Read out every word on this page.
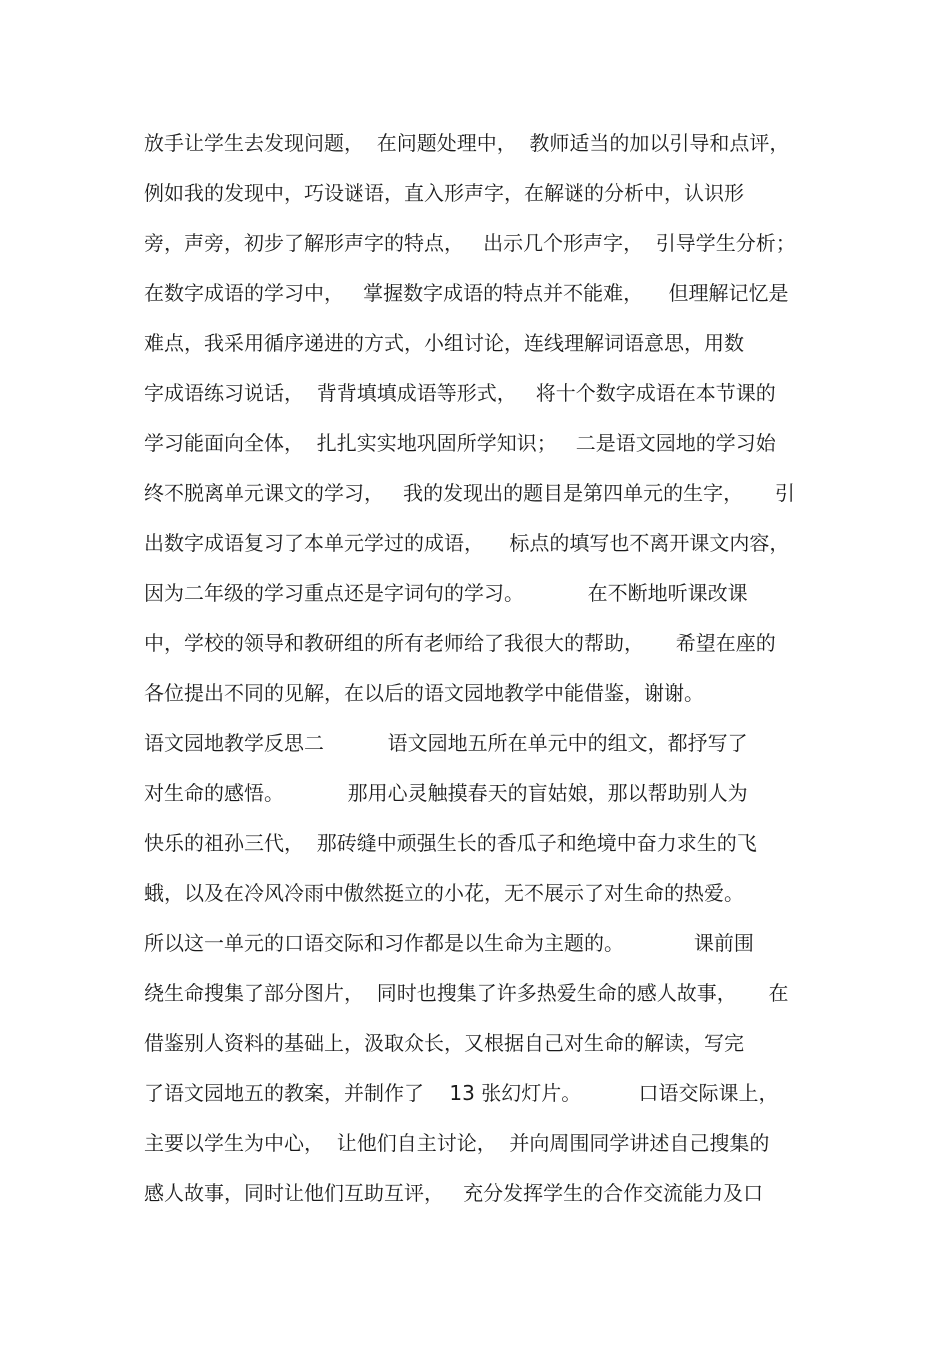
放手让学生去发现问题，  在问题处理中，  教师适当的加以引导和点评，
例如我的发现中，巧设谜语，直入形声字，在解谜的分析中，认识形
旁，声旁，初步了解形声字的特点，   出示几个形声字，  引导学生分析；
在数字成语的学习中，   掌握数字成语的特点并不能难，    但理解记忆是
难点，我采用循序递进的方式，小组讨论，连线理解词语意思，用数
字成语练习说话，  背背填填成语等形式，   将十个数字成语在本节课的
学习能面向全体，  扎扎实实地巩固所学知识；   二是语文园地的学习始
终不脱离单元课文的学习，   我的发现出的题目是第四单元的生字，     引
出数字成语复习了本单元学过的成语，    标点的填写也不离开课文内容，
因为二年级的学习重点还是字词句的学习。          在不断地听课改课
中，学校的领导和教研组的所有老师给了我很大的帮助，     希望在座的
各位提出不同的见解，在以后的语文园地教学中能借鉴，谢谢。
语文园地教学反思二          语文园地五所在单元中的组文，都抒写了
对生命的感悟。          那用心灵触摸春天的盲姑娘，那以帮助别人为
快乐的祖孙三代，  那砖缝中顽强生长的香瓜子和绝境中奋力求生的飞
蛾，以及在冷风冷雨中傲然挺立的小花，无不展示了对生命的热爱。
所以这一单元的口语交际和习作都是以生命为主题的。           课前围
绕生命搜集了部分图片，  同时也搜集了许多热爱生命的感人故事，     在
借鉴别人资料的基础上，汲取众长，又根据自己对生命的解读，写完
了语文园地五的教案，并制作了    13 张幻灯片。         口语交际课上，
主要以学生为中心，  让他们自主讨论，  并向周围同学讲述自己搜集的
感人故事，同时让他们互助互评，   充分发挥学生的合作交流能力及口
